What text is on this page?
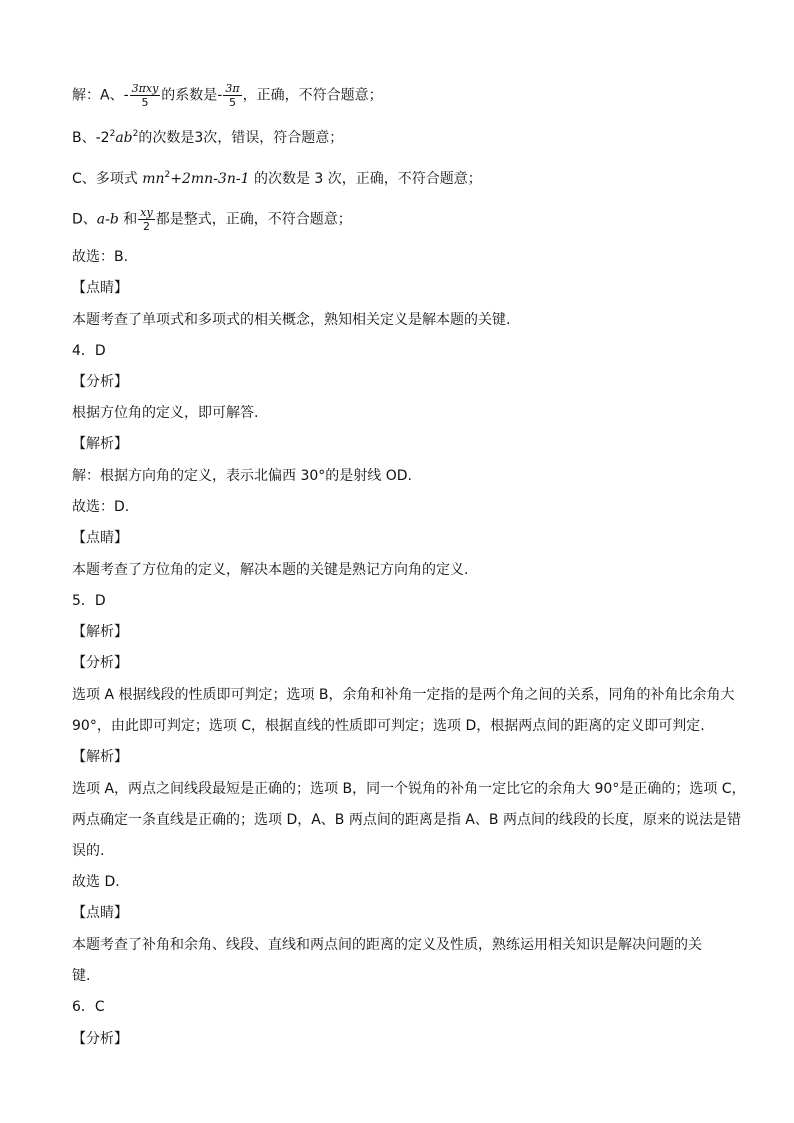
解：A、- $\frac{\text{3πxy}}{5}$ 的系数是- $\frac{3\pi}{5}$ ，正确，不符合题意；
B、$-2^2ab^2$的次数是3次，错误，符合题意；
C、多项式 $mn^2+2mn-3n-1$ 的次数是 3 次，正确，不符合题意；
D、a-b 和 $\frac{xy}{2}$ 都是整式，正确，不符合题意；
故选：B.
【点睛】
本题考查了单项式和多项式的相关概念，熟知相关定义是解本题的关键.
4．D
【分析】
根据方位角的定义，即可解答.
【解析】
解：根据方向角的定义，表示北偏西 30°的是射线 OD.
故选：D.
【点睛】
本题考查了方位角的定义，解决本题的关键是熟记方向角的定义.
5．D
【解析】
【分析】
选项 A 根据线段的性质即可判定；选项 B，余角和补角一定指的是两个角之间的关系，同角的补角比余角大
90°，由此即可判定；选项 C，根据直线的性质即可判定；选项 D，根据两点间的距离的定义即可判定.
【解析】
选项 A，两点之间线段最短是正确的；选项 B，同一个锐角的补角一定比它的余角大 90°是正确的；选项 C，
两点确定一条直线是正确的；选项 D，A、B 两点间的距离是指 A、B 两点间的线段的长度，原来的说法是错
误的.
故选 D.
【点睛】
本题考查了补角和余角、线段、直线和两点间的距离的定义及性质，熟练运用相关知识是解决问题的关
键.
6．C
【分析】
